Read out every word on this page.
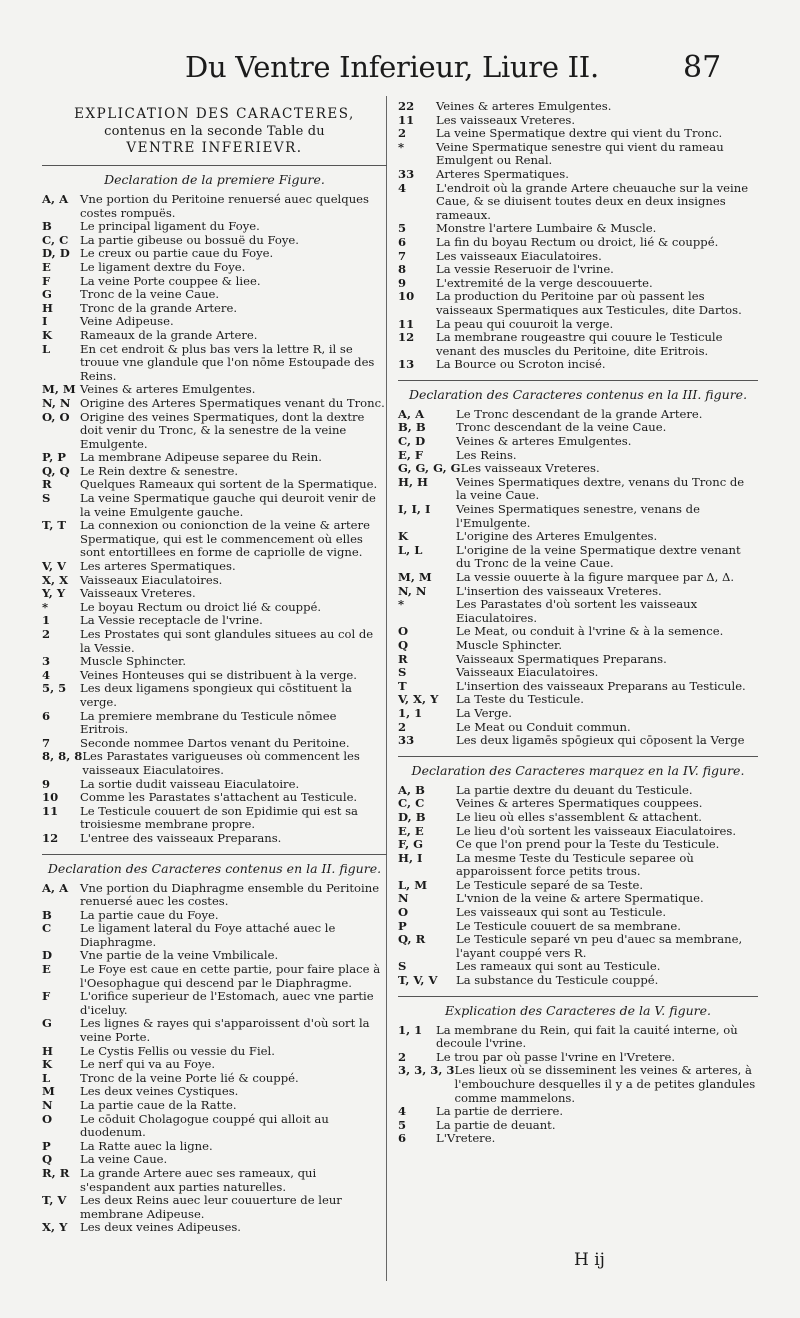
Du Ventre Inferieur, Liure II.	87
EXPLICATION DES CARACTERES,
contenus en la seconde Table du
VENTRE INFERIEVR.
Declaration de la premiere Figure.
A, A	Vne portion du Peritoine renuersé auec quelques costes rompuës.
B	Le principal ligament du Foye.
C, C	La partie gibeuse ou bossuë du Foye.
D, D Le creux ou partie caue du Foye.
E	Le ligament dextre du Foye.
F	La veine Porte couppee & liee.
G	Tronc de la veine Caue.
H	Tronc de la grande Artere.
I	Veine Adipeuse.
K	Rameaux de la grande Artere.
L	En cet endroit & plus bas vers la lettre R, il se trouue vne glandule que l'on nōme Estoupade des Reins.
M, M Veines & arteres Emulgentes.
N, N Origine des Arteres Spermatiques venant du Tronc.
O, O Origine des veines Spermatiques, dont la dextre doit venir du Tronc, & la senestre de la veine Emulgente.
P, P	La membrane Adipeuse separee du Rein.
Q, Q Le Rein dextre & senestre.
R	Quelques Rameaux qui sortent de la Spermatique.
S	La veine Spermatique gauche qui deuroit venir de la veine Emulgente gauche.
T, T	La connexion ou conionction de la veine & artere Spermatique, qui est le commencement où elles sont entortillees en forme de capriolle de vigne.
V, V	Les arteres Spermatiques.
X, X	Vaisseaux Eiaculatoires.
Y, Y	Vaisseaux Vreteres.
*	Le boyau Rectum ou droict lié & couppé.
1	La Vessie receptacle de l'vrine.
2	Les Prostates qui sont glandules situees au col de la Vessie.
3	Muscle Sphincter.
4	Veines Honteuses qui se distribuent à la verge.
5, 5	Les deux ligamens spongieux qui cōstituent la verge.
6	La premiere membrane du Testicule nōmee Eritrois.
7	Seconde nommee Dartos venant du Peritoine.
8, 8, 8 Les Parastates varigueuses où commencent les vaisseaux Eiaculatoires.
9	La sortie dudit vaisseau Eiaculatoire.
10	Comme les Parastates s'attachent au Testicule.
11	Le Testicule couuert de son Epidimie qui est sa troisiesme membrane propre.
12	L'entree des vaisseaux Preparans.
Declaration des Caracteres contenus en la II. figure.
A, A	Vne portion du Diaphragme ensemble du Peritoine renuersé auec les costes.
B	La partie caue du Foye.
C	Le ligament lateral du Foye attaché auec le Diaphragme.
D	Vne partie de la veine Vmbilicale.
E	Le Foye est caue en cette partie, pour faire place à l'Oesophague qui descend par le Diaphragme.
F	L'orifice superieur de l'Estomach, auec vne partie d'iceluy.
G	Les lignes & rayes qui s'apparoissent d'où sort la veine Porte.
H	Le Cystis Fellis ou vessie du Fiel.
K	Le nerf qui va au Foye.
L	Tronc de la veine Porte lié & couppé.
M	Les deux veines Cystiques.
N	La partie caue de la Ratte.
O	Le cōduit Cholagogue couppé qui alloit au duodenum.
P	La Ratte auec la ligne.
Q	La veine Caue.
R, R La grande Artere auec ses rameaux, qui s'espandent aux parties naturelles.
T, V	Les deux Reins auec leur couuerture de leur membrane Adipeuse.
X, Y	Les deux veines Adipeuses.
22	Veines & arteres Emulgentes.
11	Les vaisseaux Vreteres.
2	La veine Spermatique dextre qui vient du Tronc.
*	Veine Spermatique senestre qui vient du rameau Emulgent ou Renal.
33	Arteres Spermatiques.
4	L'endroit où la grande Artere cheuauche sur la veine Caue, & se diuisent toutes deux en deux insignes rameaux.
5	Monstre l'artere Lumbaire & Muscle.
6	La fin du boyau Rectum ou droict, lié & couppé.
7	Les vaisseaux Eiaculatoires.
8	La vessie Reseruoir de l'vrine.
9	L'extremité de la verge descouuerte.
10	La production du Peritoine par où passent les vaisseaux Spermatiques aux Testicules, dite Dartos.
11	La peau qui couuroit la verge.
12	La membrane rougeastre qui couure le Testicule venant des muscles du Peritoine, dite Eritrois.
13	La Bource ou Scroton incisé.
Declaration des Caracteres contenus en la III. figure.
A, A	Le Tronc descendant de la grande Artere.
B, B	Tronc descendant de la veine Caue.
C, D	Veines & arteres Emulgentes.
E, F	Les Reins.
G, G, G, G Les vaisseaux Vreteres.
H, H	Veines Spermatiques dextre, venans du Tronc de la veine Caue.
I, I, I	Veines Spermatiques senestre, venans de l'Emulgente.
K	L'origine des Arteres Emulgentes.
L, L	L'origine de la veine Spermatique dextre venant du Tronc de la veine Caue.
M, M	La vessie ouuerte à la figure marquee par Δ, Δ.
N, N	L'insertion des vaisseaux Vreteres.
*	Les Parastates d'où sortent les vaisseaux Eiaculatoires.
O	Le Meat, ou conduit à l'vrine & à la semence.
Q	Muscle Sphincter.
R	Vaisseaux Spermatiques Preparans.
S	Vaisseaux Eiaculatoires.
T	L'insertion des vaisseaux Preparans au Testicule.
V, X, Y	La Teste du Testicule.
1, 1	La Verge.
2	Le Meat ou Conduit commun.
33	Les deux ligamēs spōgieux qui cōposent la Verge
Declaration des Caracteres marquez en la IV. figure.
A, B	La partie dextre du deuant du Testicule.
C, C	Veines & arteres Spermatiques couppees.
D, B	Le lieu où elles s'assemblent & attachent.
E, E	Le lieu d'où sortent les vaisseaux Eiaculatoires.
F, G	Ce que l'on prend pour la Teste du Testicule.
H, I	La mesme Teste du Testicule separee où apparoissent force petits trous.
L, M	Le Testicule separé de sa Teste.
N	L'vnion de la veine & artere Spermatique.
O	Les vaisseaux qui sont au Testicule.
P	Le Testicule couuert de sa membrane.
Q, R	Le Testicule separé vn peu d'auec sa membrane, l'ayant couppé vers R.
S	Les rameaux qui sont au Testicule.
T, V, V	La substance du Testicule couppé.
Explication des Caracteres de la V. figure.
1, 1	La membrane du Rein, qui fait la cauité interne, où decoule l'vrine.
2	Le trou par où passe l'vrine en l'Vretere.
3, 3, 3, 3 Les lieux où se disseminent les veines & arteres, à l'embouchure desquelles il y a de petites glandules comme mammelons.
4	La partie de derriere.
5	La partie de deuant.
6	L'Vretere.
H ij
